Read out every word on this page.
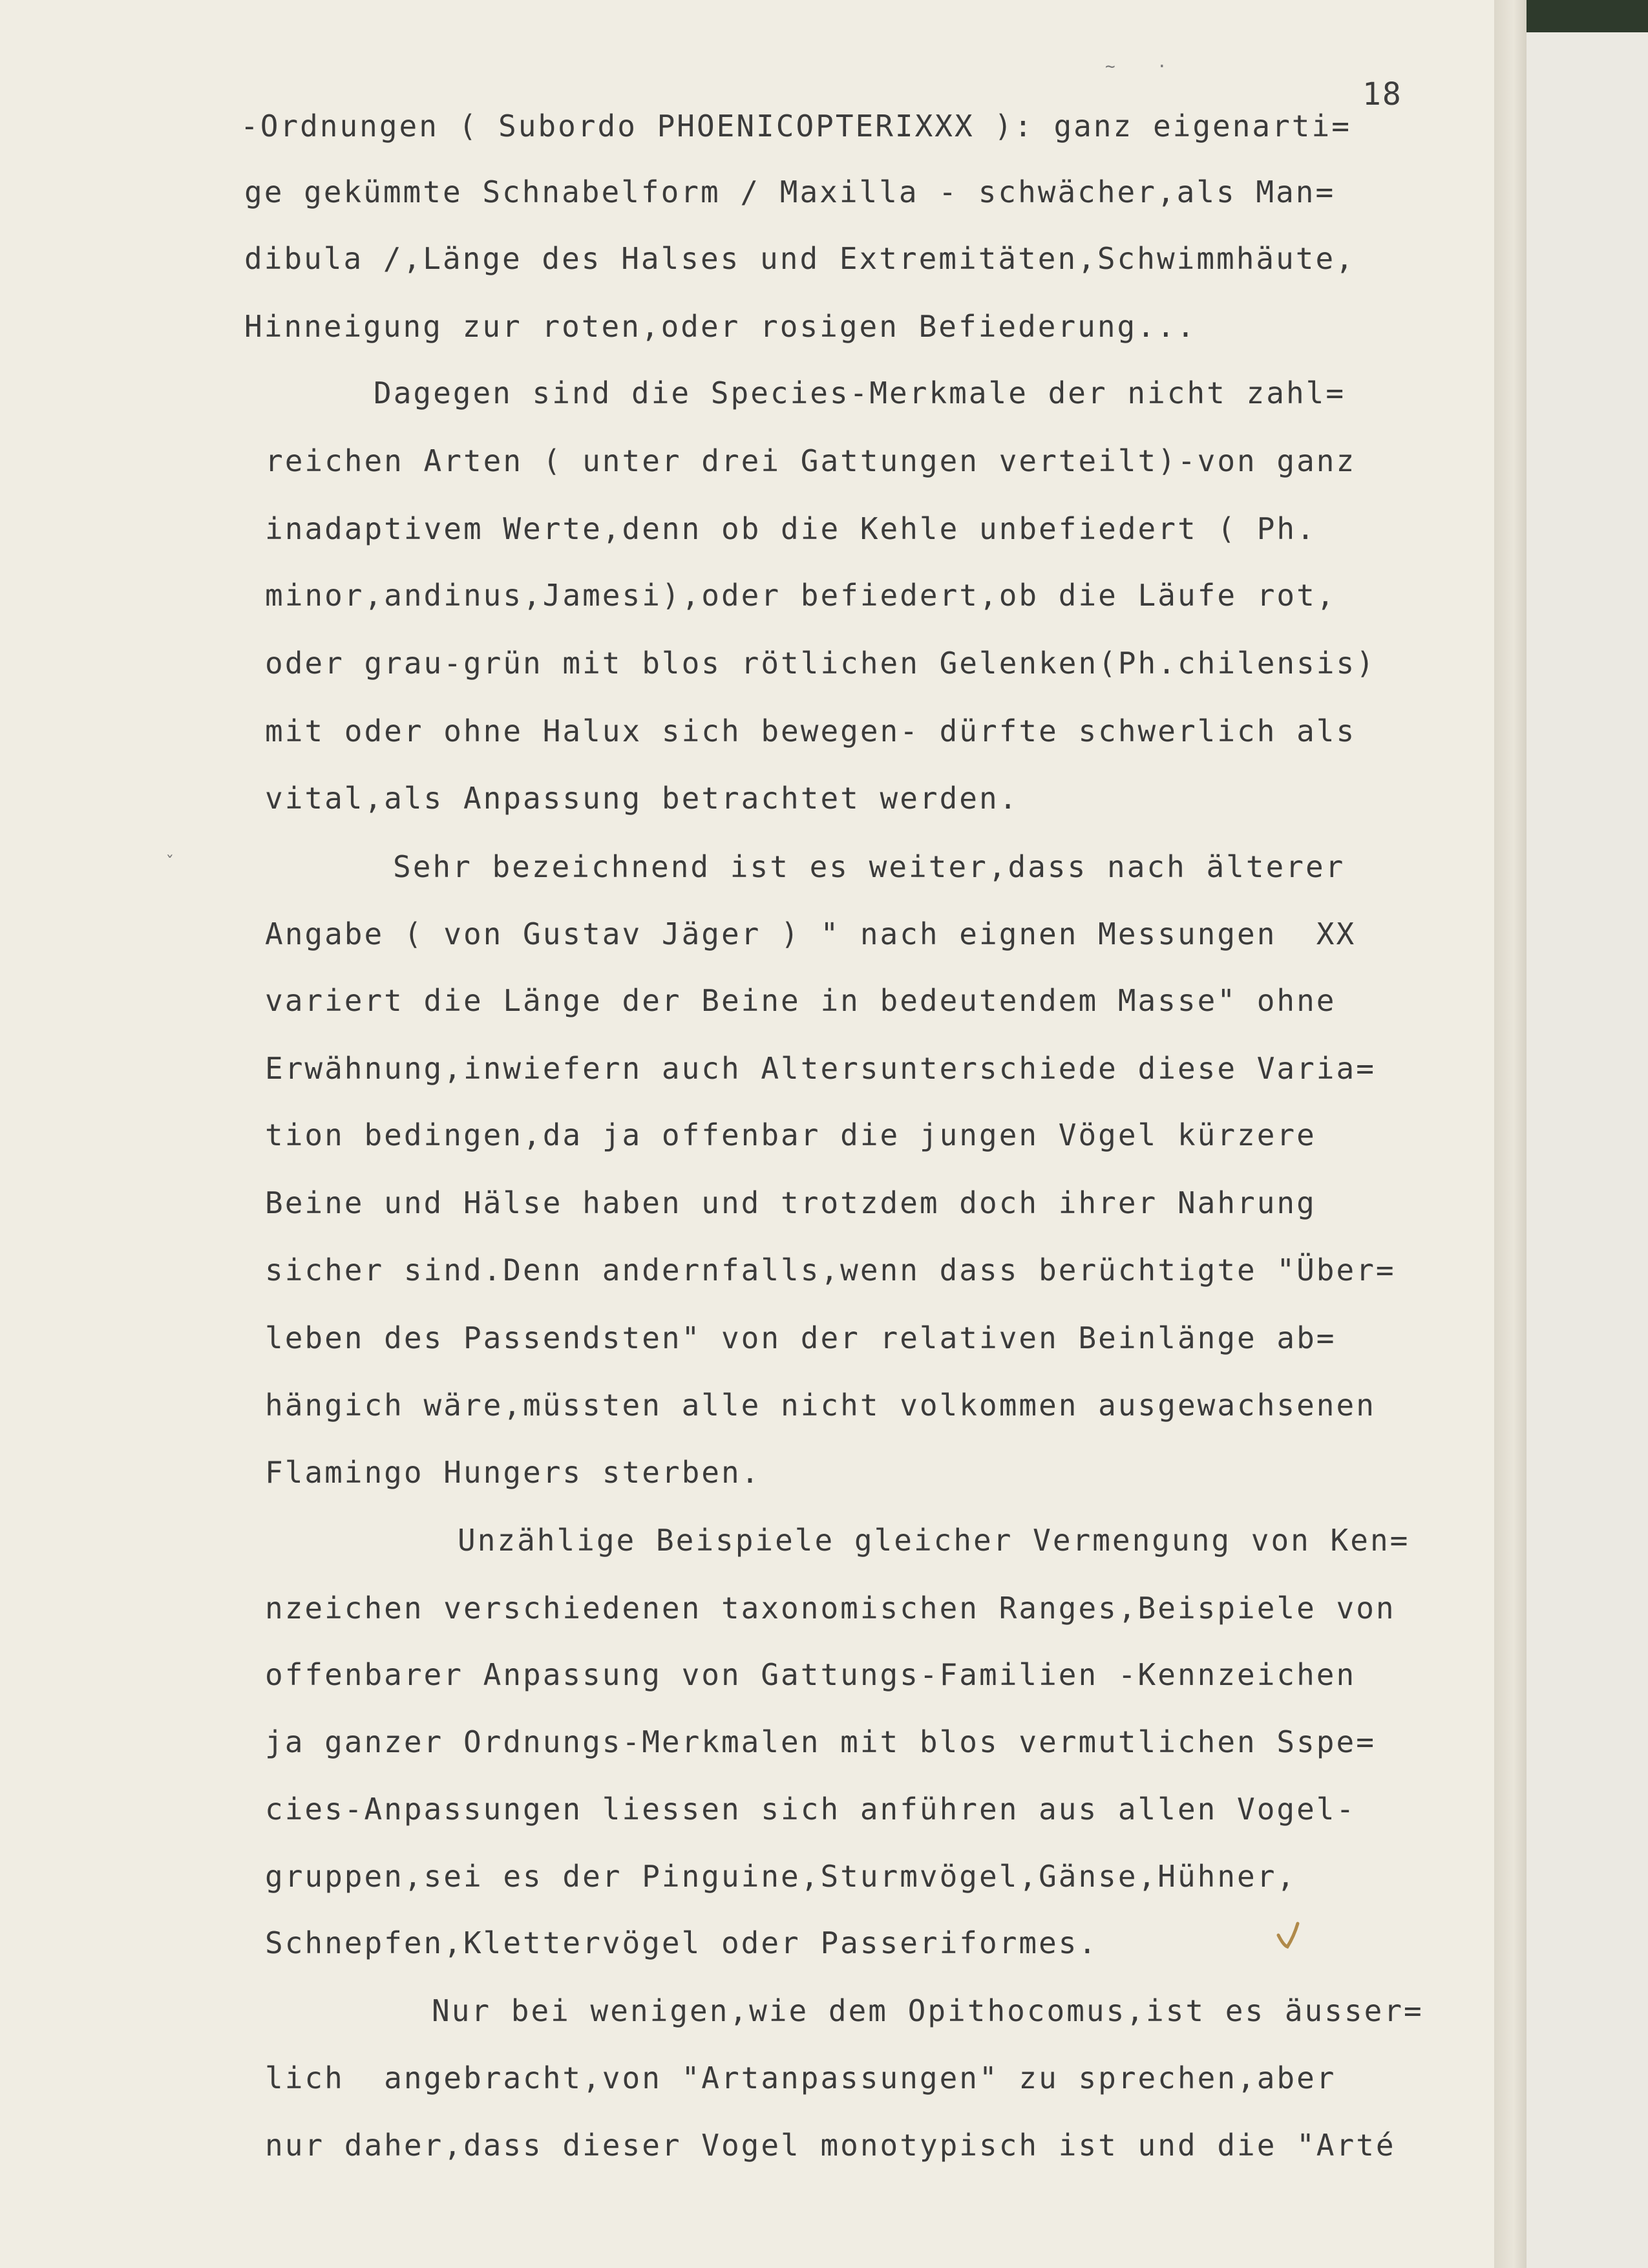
18
~ ·
ˇ
-Ordnungen ( Subordo PHOENICOPTERIXXX ): ganz eigenarti=
ge gekümmte Schnabelform / Maxilla - schwächer,als Man=
dibula /,Länge des Halses und Extremitäten,Schwimmhäute,
Hinneigung zur roten,oder rosigen Befiederung...
Dagegen sind die Species-Merkmale der nicht zahl=
reichen Arten ( unter drei Gattungen verteilt)-von ganz
inadaptivem Werte,denn ob die Kehle unbefiedert ( Ph.
minor,andinus,Jamesi),oder befiedert,ob die Läufe rot,
oder grau-grün mit blos rötlichen Gelenken(Ph.chilensis)
mit oder ohne Halux sich bewegen- dürfte schwerlich als
vital,als Anpassung betrachtet werden.
Sehr bezeichnend ist es weiter,dass nach älterer
Angabe ( von Gustav Jäger ) " nach eignen Messungen  XX
variert die Länge der Beine in bedeutendem Masse" ohne
Erwähnung,inwiefern auch Altersunterschiede diese Varia=
tion bedingen,da ja offenbar die jungen Vögel kürzere
Beine und Hälse haben und trotzdem doch ihrer Nahrung
sicher sind.Denn andernfalls,wenn dass berüchtigte "Über=
leben des Passendsten" von der relativen Beinlänge ab=
hängich wäre,müssten alle nicht volkommen ausgewachsenen
Flamingo Hungers sterben.
Unzählige Beispiele gleicher Vermengung von Ken=
nzeichen verschiedenen taxonomischen Ranges,Beispiele von
offenbarer Anpassung von Gattungs-Familien -Kennzeichen
ja ganzer Ordnungs-Merkmalen mit blos vermutlichen Sspe=
cies-Anpassungen liessen sich anführen aus allen Vogel-
gruppen,sei es der Pinguine,Sturmvögel,Gänse,Hühner,
Schnepfen,Klettervögel oder Passeriformes.
Nur bei wenigen,wie dem Opithocomus,ist es äusser=
lich  angebracht,von "Artanpassungen" zu sprechen,aber
nur daher,dass dieser Vogel monotypisch ist und die "Arté
